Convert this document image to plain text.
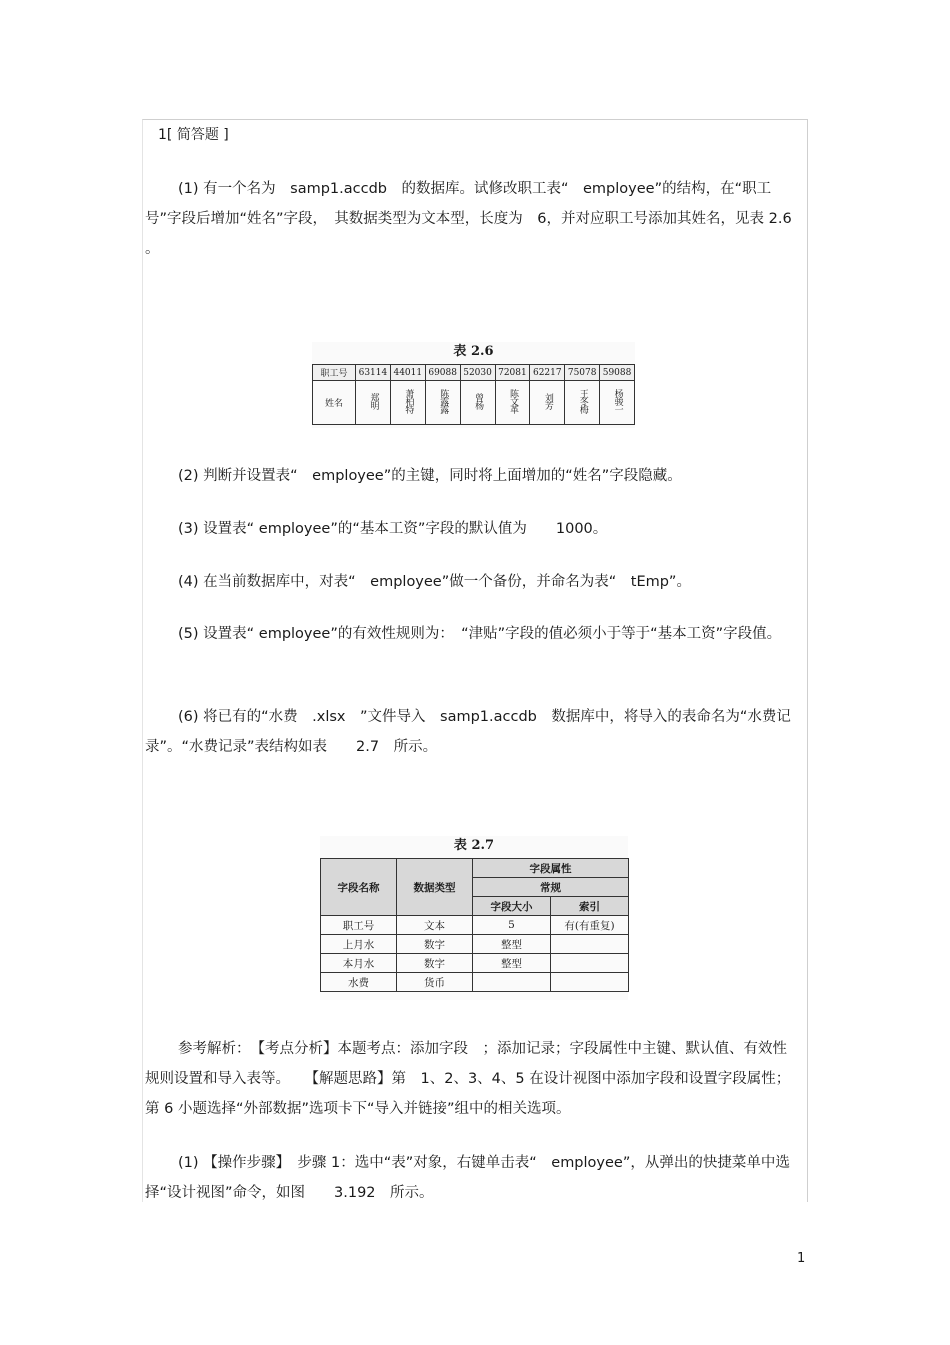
1[ 简答题 ]

(1) 有一个名为　samp1.accdb　的数据库。试修改职工表“　employee”的结构，在“职工号”字段后增加“姓名”字段，　其数据类型为文本型，长度为　6，并对应职工号添加其姓名，见表 2.6 。

表 2.6
职工号	63114	44011	69088	52030	72081	62217	75078	59088
姓名	郑明	萧柏特	陈露露	曾杨	陈文革	刘芳	王冬梅	杨骏一

(2) 判断并设置表“　employee”的主键，同时将上面增加的“姓名”字段隐藏。

(3) 设置表“ employee”的“基本工资”字段的默认值为　　1000。

(4) 在当前数据库中，对表“　employee”做一个备份，并命名为表“　tEmp”。

(5) 设置表“ employee”的有效性规则为：　“津贴”字段的值必须小于等于“基本工资”字段值。

(6) 将已有的“水费　.xlsx　”文件导入　samp1.accdb　数据库中，将导入的表命名为“水费记录”。“水费记录”表结构如表　　2.7　所示。

表 2.7
字段名称	数据类型	字段属性	
		常规	
		字段大小	索引
职工号	文本	5	有(有重复)
上月水	数字	整型	
本月水	数字	整型	
水费	货币		

参考解析：　【考点分析】本题考点：添加字段　；添加记录；字段属性中主键、默认值、有效性规则设置和导入表等。　　【解题思路】第　1、2、3、4、5 在设计视图中添加字段和设置字段属性；第 6 小题选择“外部数据”选项卡下“导入并链接”组中的相关选项。

(1) 【操作步骤】　步骤 1：选中“表”对象，右键单击表“　employee”，从弹出的快捷菜单中选择“设计视图”命令，如图　　3.192　所示。

1
